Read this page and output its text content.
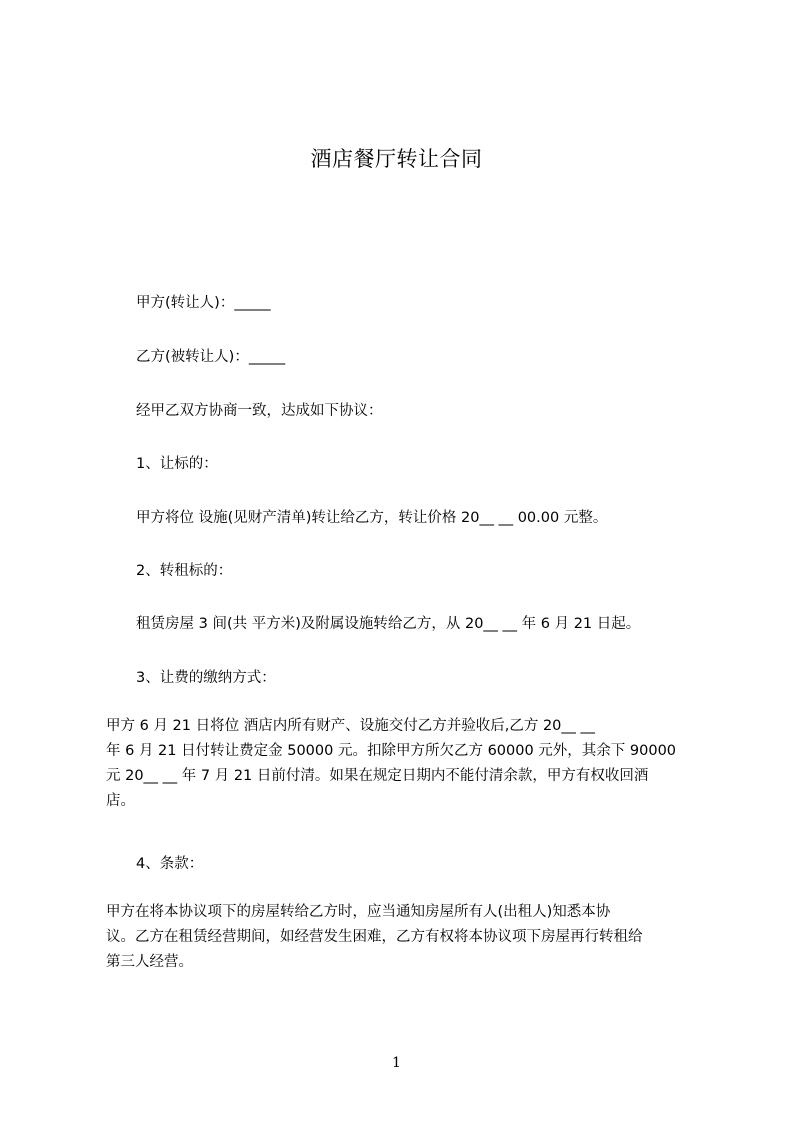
酒店餐厅转让合同
甲方(转让人)：_____
乙方(被转让人)：_____
经甲乙双方协商一致，达成如下协议：
1、让标的：
甲方将位 设施(见财产清单)转让给乙方，转让价格 20__ __ 00.00 元整。
2、转租标的：
租赁房屋 3 间(共 平方米)及附属设施转给乙方，从 20__ __ 年 6 月 21 日起。
3、让费的缴纳方式：
甲方 6 月 21 日将位 酒店内所有财产、设施交付乙方并验收后,乙方 20__ __
年 6 月 21 日付转让费定金 50000 元。扣除甲方所欠乙方 60000 元外，其余下 90000
元 20__ __ 年 7 月 21 日前付清。如果在规定日期内不能付清余款，甲方有权收回酒
店。
4、条款：
甲方在将本协议项下的房屋转给乙方时，应当通知房屋所有人(出租人)知悉本协
议。乙方在租赁经营期间，如经营发生困难，乙方有权将本协议项下房屋再行转租给
第三人经营。
1
